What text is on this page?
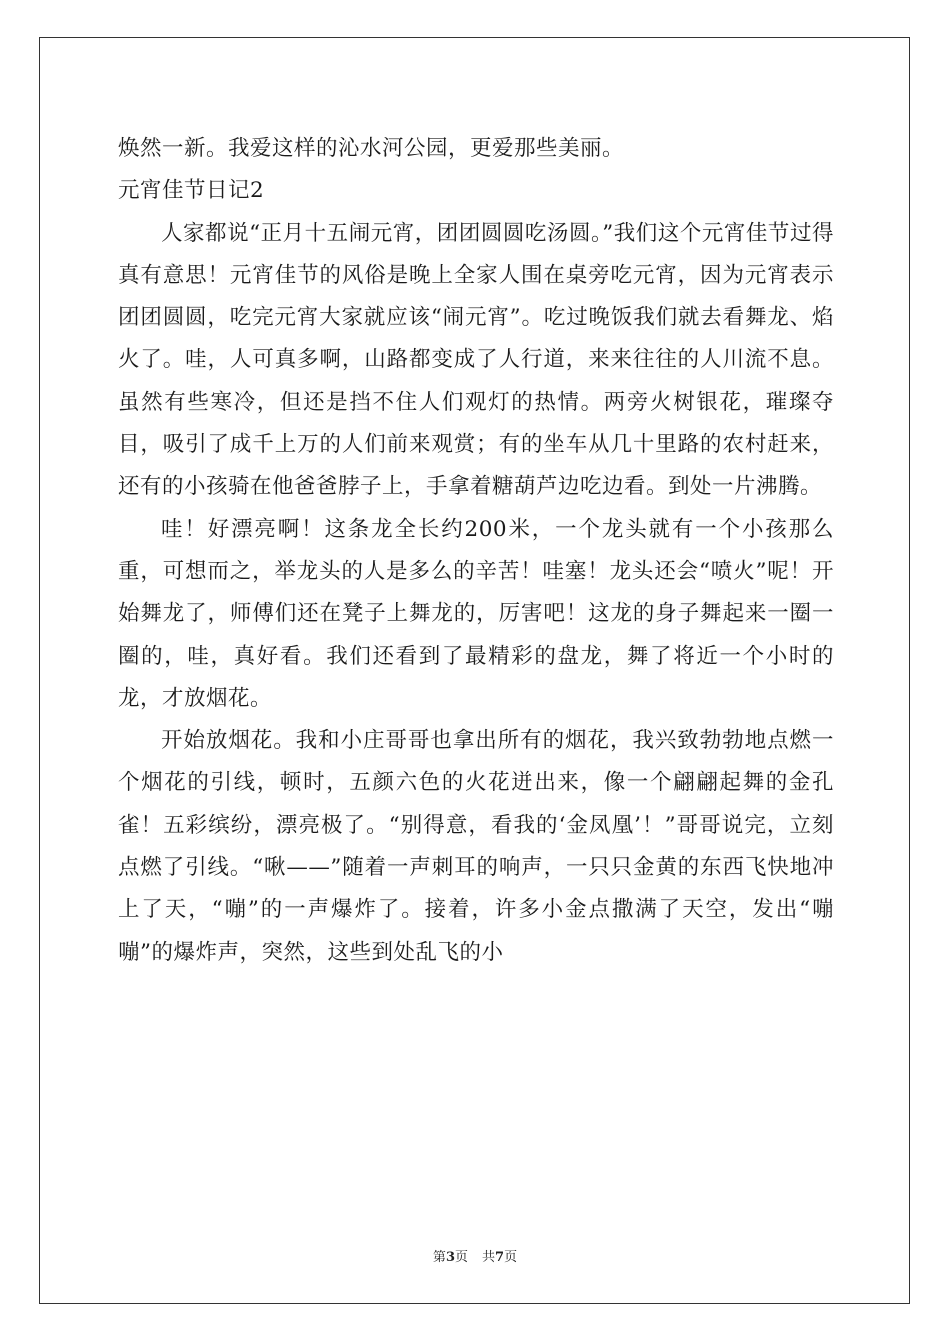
焕然一新。我爱这样的沁水河公园，更爱那些美丽。

元宵佳节日记2

人家都说“正月十五闹元宵，团团圆圆吃汤圆。”我们这个元宵佳节过得真有意思！元宵佳节的风俗是晚上全家人围在桌旁吃元宵，因为元宵表示团团圆圆，吃完元宵大家就应该“闹元宵”。吃过晚饭我们就去看舞龙、焰火了。哇，人可真多啊，山路都变成了人行道，来来往往的人川流不息。虽然有些寒冷，但还是挡不住人们观灯的热情。两旁火树银花，璀璨夺目，吸引了成千上万的人们前来观赏；有的坐车从几十里路的农村赶来，还有的小孩骑在他爸爸脖子上，手拿着糖葫芦边吃边看。到处一片沸腾。

哇！好漂亮啊！这条龙全长约200米，一个龙头就有一个小孩那么重，可想而之，举龙头的人是多么的辛苦！哇塞！龙头还会“喷火”呢！开始舞龙了，师傅们还在凳子上舞龙的，厉害吧！这龙的身子舞起来一圈一圈的，哇，真好看。我们还看到了最精彩的盘龙，舞了将近一个小时的龙，才放烟花。

开始放烟花。我和小庄哥哥也拿出所有的烟花，我兴致勃勃地点燃一个烟花的引线，顿时，五颜六色的火花迸出来，像一个翩翩起舞的金孔雀！五彩缤纷，漂亮极了。“别得意，看我的‘金凤凰’！”哥哥说完，立刻点燃了引线。“啾——”随着一声刺耳的响声，一只只金黄的东西飞快地冲上了天，“嘣”的一声爆炸了。接着，许多小金点撒满了天空，发出“嘣嘣”的爆炸声，突然，这些到处乱飞的小

第3页 共7页
